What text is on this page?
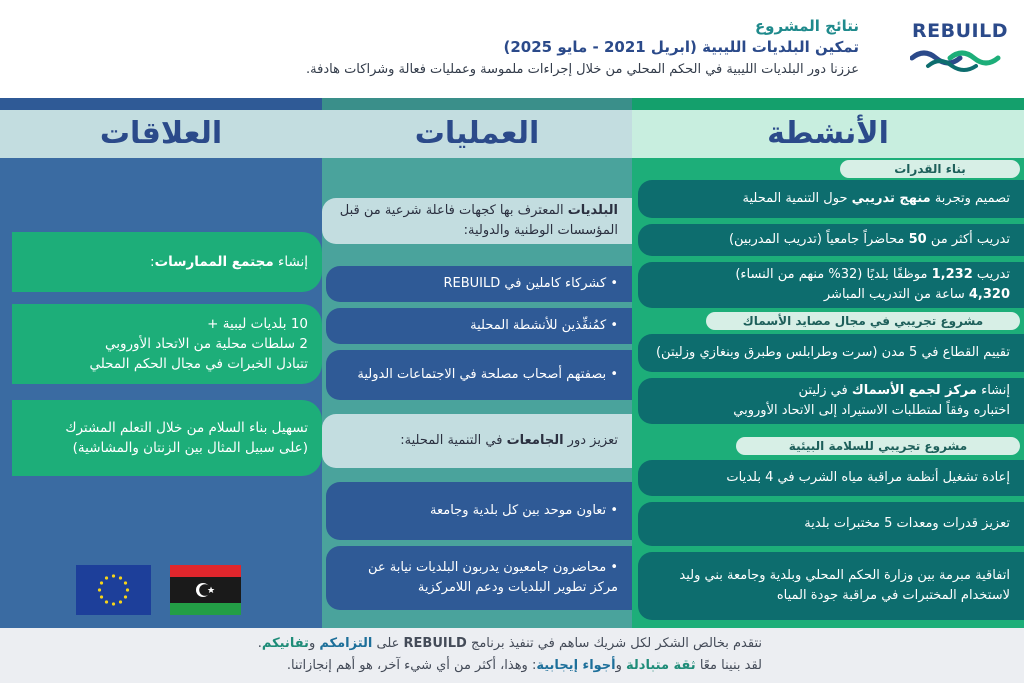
نتائج المشروع
تمكين البلديات الليبية (ابريل 2021 - مايو 2025)
عززنا دور البلديات الليبية في الحكم المحلي من خلال إجراءات ملموسة وعمليات فعالة وشراكات هادفة.
REBUILD
العلاقات	العمليات	الأنشطة
بناء القدرات
تصميم وتجربة منهج تدريبي حول التنمية المحلية
تدريب أكثر من 50 محاضراً جامعياً (تدريب المدربين)
تدريب 1,232 موظفًا بلديًا (32% منهم من النساء)
4,320 ساعة من التدريب المباشر
مشروع تجريبي في مجال مصايد الأسماك
تقييم القطاع في 5 مدن (سرت وطرابلس وطبرق وبنغازي وزليتن)
إنشاء مركز لجمع الأسماك في زليتن
اختباره وفقاً لمتطلبات الاستيراد إلى الاتحاد الأوروبي
مشروع تجريبي للسلامة البيئية
إعادة تشغيل أنظمة مراقبة مياه الشرب في 4 بلديات
تعزيز قدرات ومعدات 5 مختبرات بلدية
اتفاقية مبرمة بين وزارة الحكم المحلي وبلدية وجامعة بني وليد لاستخدام المختبرات في مراقبة جودة المياه
البلديات المعترف بها كجهات فاعلة شرعية من قبل المؤسسات الوطنية والدولية:
• كشركاء كاملين في REBUILD
• كمُنفِّذين للأنشطة المحلية
• بصفتهم أصحاب مصلحة في الاجتماعات الدولية
تعزيز دور الجامعات في التنمية المحلية:
• تعاون موحد بين كل بلدية وجامعة
• محاضرون جامعيون يدربون البلديات نيابة عن مركز تطوير البلديات ودعم اللامركزية
إنشاء مجتمع الممارسات:
10 بلديات ليبية +
2 سلطات محلية من الاتحاد الأوروبي
تتبادل الخبرات في مجال الحكم المحلي
تسهيل بناء السلام من خلال التعلم المشترك
(على سبيل المثال بين الزنتان والمشاشية)
نتقدم بخالص الشكر لكل شريك ساهم في تنفيذ برنامج REBUILD على التزامكم وتفانيكم.
لقد بنينا معًا ثقة متبادلة وأجواء إيجابية: وهذا، أكثر من أي شيء آخر، هو أهم إنجازاتنا.
